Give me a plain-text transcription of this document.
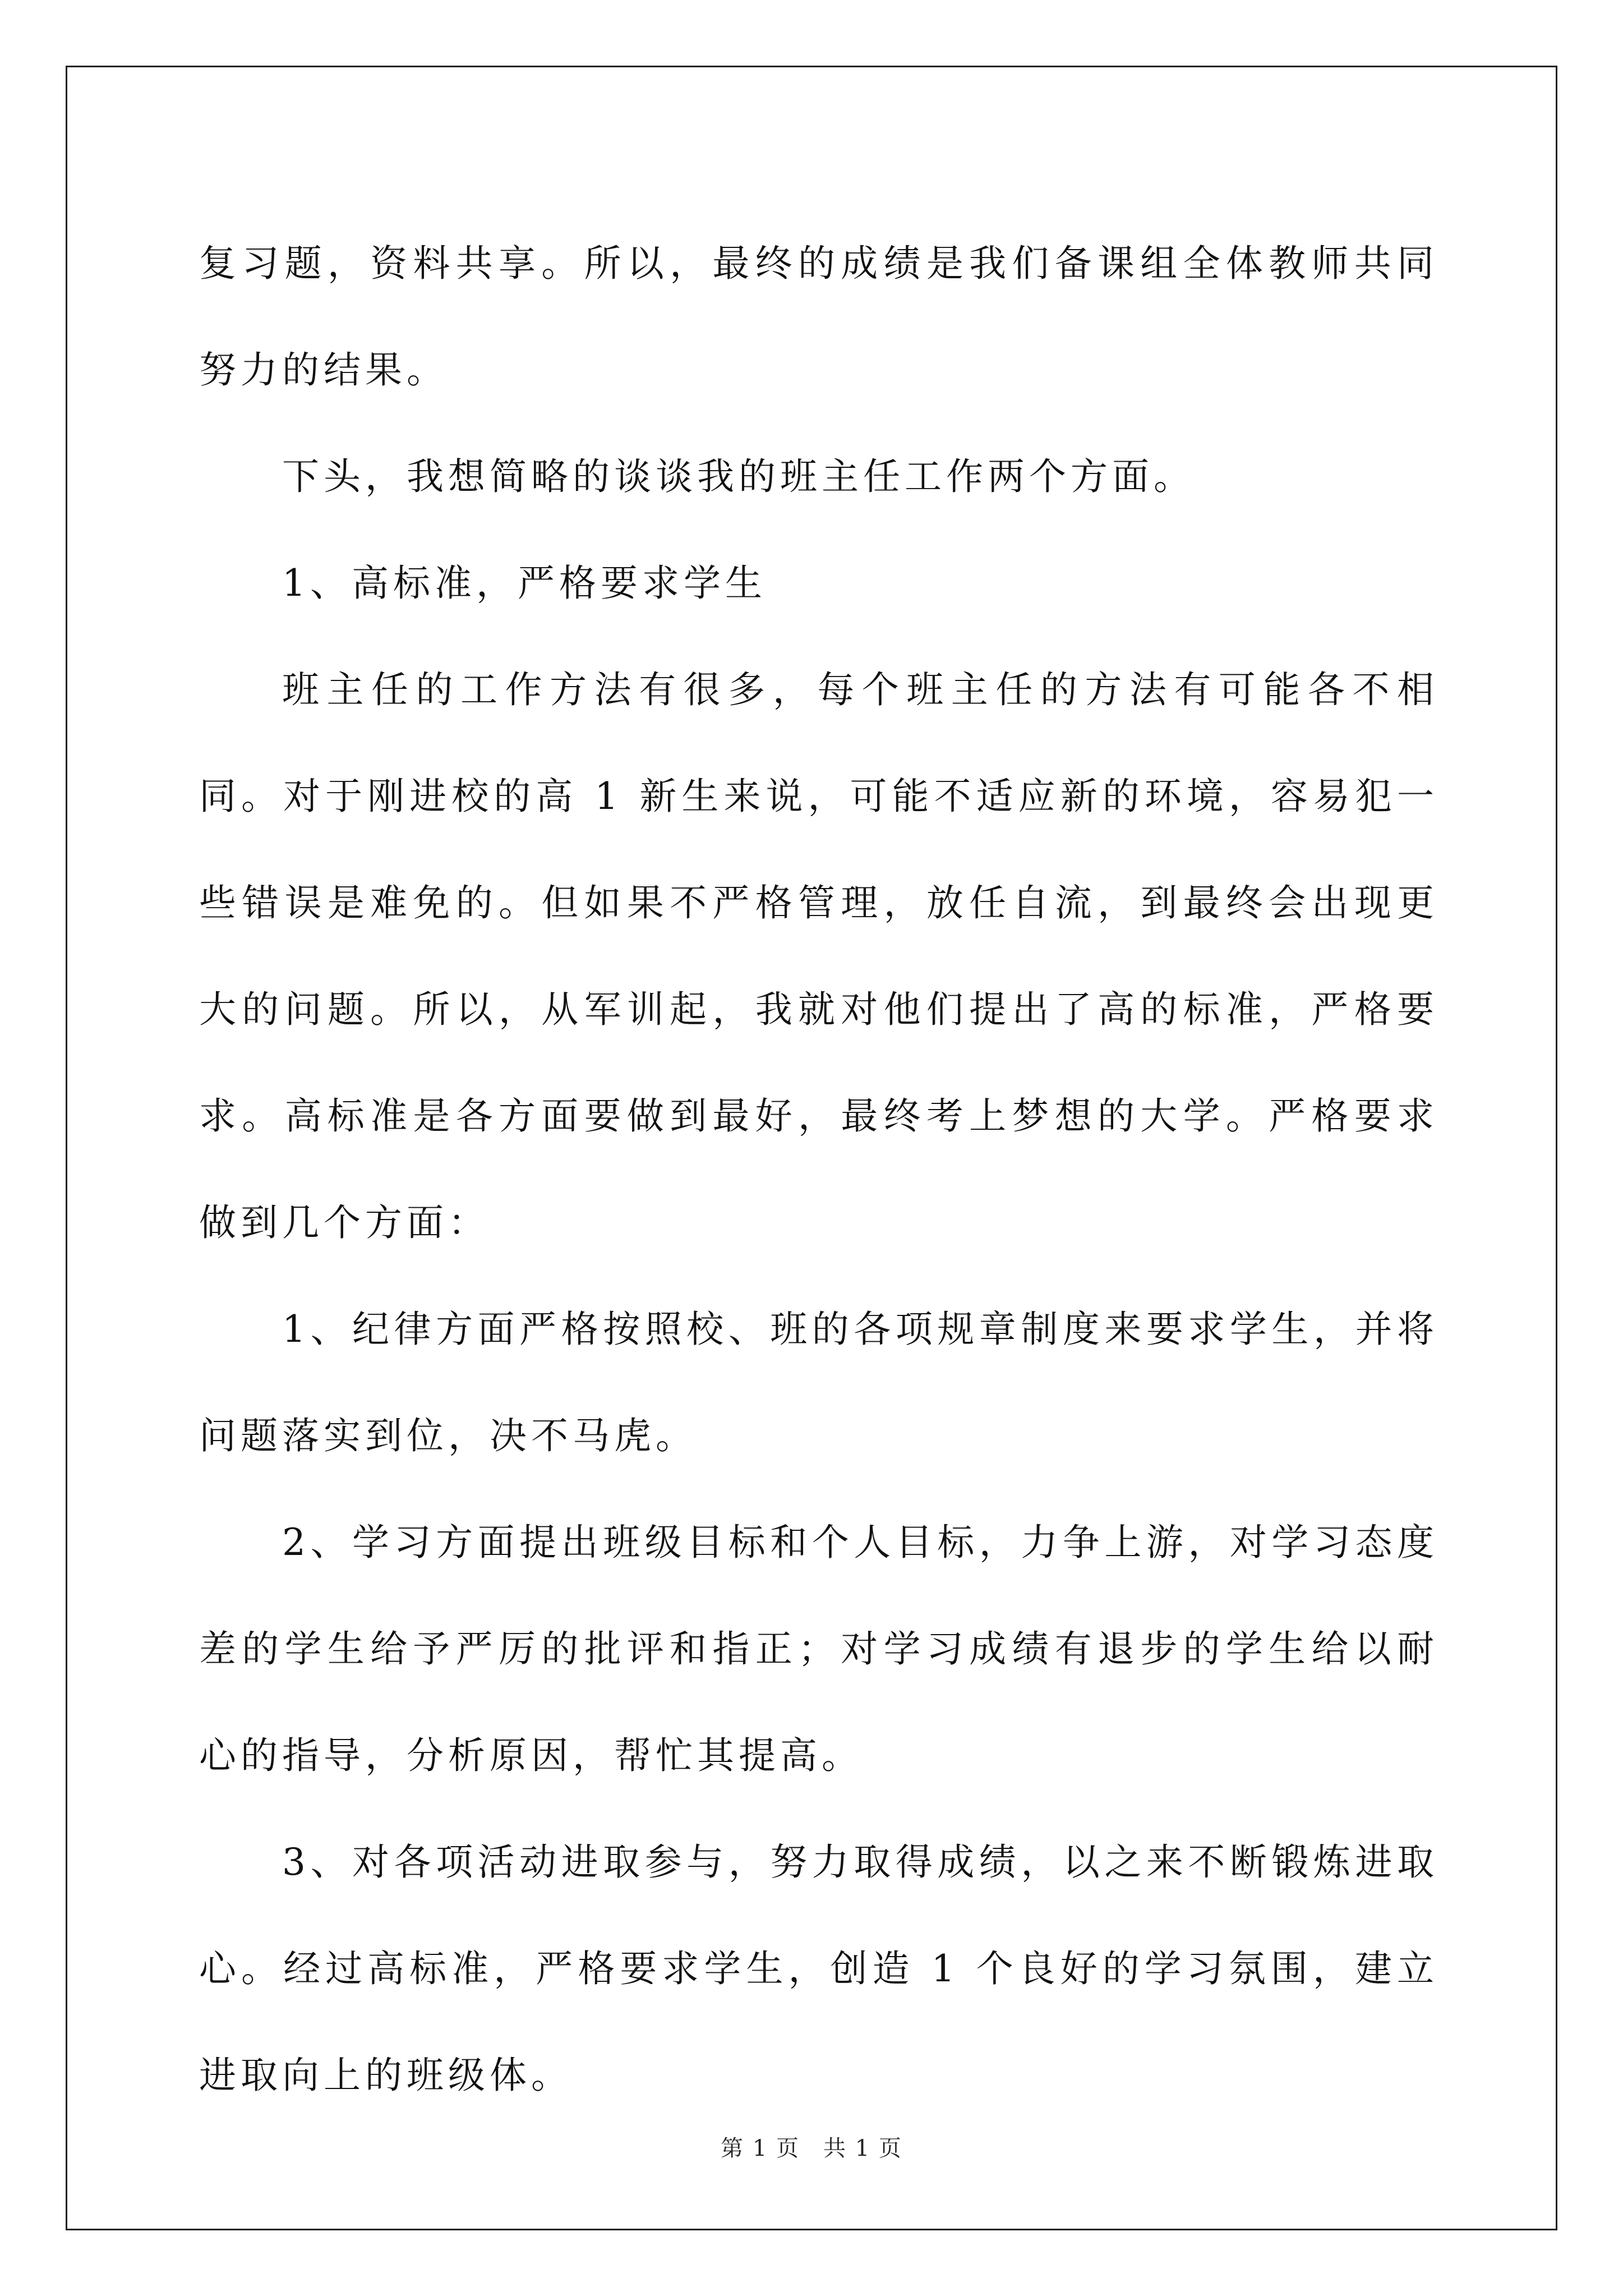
复习题，资料共享。所以，最终的成绩是我们备课组全体教师共同努力的结果。

下头，我想简略的谈谈我的班主任工作两个方面。

1、高标准，严格要求学生

班主任的工作方法有很多，每个班主任的方法有可能各不相同。对于刚进校的高 1 新生来说，可能不适应新的环境，容易犯一些错误是难免的。但如果不严格管理，放任自流，到最终会出现更大的问题。所以，从军训起，我就对他们提出了高的标准，严格要求。高标准是各方面要做到最好，最终考上梦想的大学。严格要求做到几个方面：

1、纪律方面严格按照校、班的各项规章制度来要求学生，并将问题落实到位，决不马虎。

2、学习方面提出班级目标和个人目标，力争上游，对学习态度差的学生给予严厉的批评和指正；对学习成绩有退步的学生给以耐心的指导，分析原因，帮忙其提高。

3、对各项活动进取参与，努力取得成绩，以之来不断锻炼进取心。经过高标准，严格要求学生，创造 1 个良好的学习氛围，建立进取向上的班级体。

第 1 页　共 1 页
